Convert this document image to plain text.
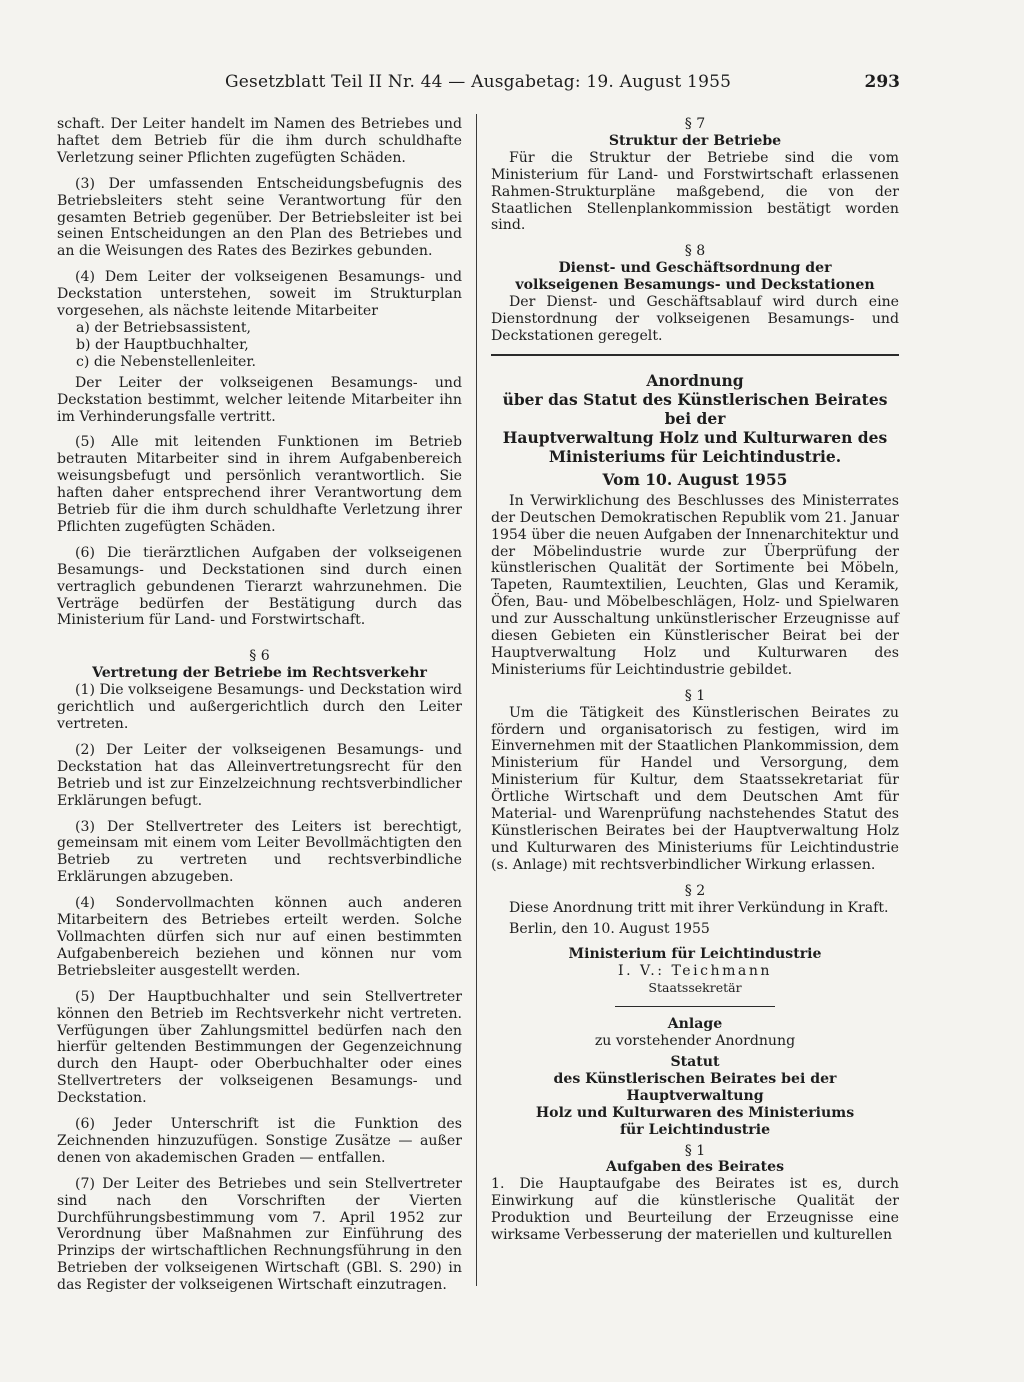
Gesetzblatt Teil II Nr. 44 — Ausgabetag: 19. August 1955	293

schaft. Der Leiter handelt im Namen des Betriebes und haftet dem Betrieb für die ihm durch schuldhafte Verletzung seiner Pflichten zugefügten Schäden.

(3) Der umfassenden Entscheidungsbefugnis des Betriebsleiters steht seine Verantwortung für den gesamten Betrieb gegenüber. Der Betriebsleiter ist bei seinen Entscheidungen an den Plan des Betriebes und an die Weisungen des Rates des Bezirkes gebunden.

(4) Dem Leiter der volkseigenen Besamungs- und Deckstation unterstehen, soweit im Strukturplan vorgesehen, als nächste leitende Mitarbeiter

a) der Betriebsassistent,

b) der Hauptbuchhalter,

c) die Nebenstellenleiter.

Der Leiter der volkseigenen Besamungs- und Deckstation bestimmt, welcher leitende Mitarbeiter ihn im Verhinderungsfalle vertritt.

(5) Alle mit leitenden Funktionen im Betrieb betrauten Mitarbeiter sind in ihrem Aufgabenbereich weisungsbefugt und persönlich verantwortlich. Sie haften daher entsprechend ihrer Verantwortung dem Betrieb für die ihm durch schuldhafte Verletzung ihrer Pflichten zugefügten Schäden.

(6) Die tierärztlichen Aufgaben der volkseigenen Besamungs- und Deckstationen sind durch einen vertraglich gebundenen Tierarzt wahrzunehmen. Die Verträge bedürfen der Bestätigung durch das Ministerium für Land- und Forstwirtschaft.

§ 6

Vertretung der Betriebe im Rechtsverkehr

(1) Die volkseigene Besamungs- und Deckstation wird gerichtlich und außergerichtlich durch den Leiter vertreten.

(2) Der Leiter der volkseigenen Besamungs- und Deckstation hat das Alleinvertretungsrecht für den Betrieb und ist zur Einzelzeichnung rechtsverbindlicher Erklärungen befugt.

(3) Der Stellvertreter des Leiters ist berechtigt, gemeinsam mit einem vom Leiter Bevollmächtigten den Betrieb zu vertreten und rechtsverbindliche Erklärungen abzugeben.

(4) Sondervollmachten können auch anderen Mitarbeitern des Betriebes erteilt werden. Solche Vollmachten dürfen sich nur auf einen bestimmten Aufgabenbereich beziehen und können nur vom Betriebsleiter ausgestellt werden.

(5) Der Hauptbuchhalter und sein Stellvertreter können den Betrieb im Rechtsverkehr nicht vertreten. Verfügungen über Zahlungsmittel bedürfen nach den hierfür geltenden Bestimmungen der Gegenzeichnung durch den Haupt- oder Oberbuchhalter oder eines Stellvertreters der volkseigenen Besamungs- und Deckstation.

(6) Jeder Unterschrift ist die Funktion des Zeichnenden hinzuzufügen. Sonstige Zusätze — außer denen von akademischen Graden — entfallen.

(7) Der Leiter des Betriebes und sein Stellvertreter sind nach den Vorschriften der Vierten Durchführungsbestimmung vom 7. April 1952 zur Verordnung über Maßnahmen zur Einführung des Prinzips der wirtschaftlichen Rechnungsführung in den Betrieben der volkseigenen Wirtschaft (GBl. S. 290) in das Register der volkseigenen Wirtschaft einzutragen.

§ 7

Struktur der Betriebe

Für die Struktur der Betriebe sind die vom Ministerium für Land- und Forstwirtschaft erlassenen Rahmen-Strukturpläne maßgebend, die von der Staatlichen Stellenplankommission bestätigt worden sind.

§ 8

Dienst- und Geschäftsordnung der

volkseigenen Besamungs- und Deckstationen

Der Dienst- und Geschäftsablauf wird durch eine Dienstordnung der volkseigenen Besamungs- und Deckstationen geregelt.

Anordnung

über das Statut des Künstlerischen Beirates bei der

Hauptverwaltung Holz und Kulturwaren des

Ministeriums für Leichtindustrie.

Vom 10. August 1955

In Verwirklichung des Beschlusses des Ministerrates der Deutschen Demokratischen Republik vom 21. Januar 1954 über die neuen Aufgaben der Innenarchitektur und der Möbelindustrie wurde zur Überprüfung der künstlerischen Qualität der Sortimente bei Möbeln, Tapeten, Raumtextilien, Leuchten, Glas und Keramik, Öfen, Bau- und Möbelbeschlägen, Holz- und Spielwaren und zur Ausschaltung unkünstlerischer Erzeugnisse auf diesen Gebieten ein Künstlerischer Beirat bei der Hauptverwaltung Holz und Kulturwaren des Ministeriums für Leichtindustrie gebildet.

§ 1

Um die Tätigkeit des Künstlerischen Beirates zu fördern und organisatorisch zu festigen, wird im Einvernehmen mit der Staatlichen Plankommission, dem Ministerium für Handel und Versorgung, dem Ministerium für Kultur, dem Staatssekretariat für Örtliche Wirtschaft und dem Deutschen Amt für Material- und Warenprüfung nachstehendes Statut des Künstlerischen Beirates bei der Hauptverwaltung Holz und Kulturwaren des Ministeriums für Leichtindustrie (s. Anlage) mit rechtsverbindlicher Wirkung erlassen.

§ 2

Diese Anordnung tritt mit ihrer Verkündung in Kraft.

Berlin, den 10. August 1955

Ministerium für Leichtindustrie

I. V.: Teichmann

Staatssekretär

Anlage

zu vorstehender Anordnung

Statut

des Künstlerischen Beirates bei der Hauptverwaltung

Holz und Kulturwaren des Ministeriums

für Leichtindustrie

§ 1

Aufgaben des Beirates

1. Die Hauptaufgabe des Beirates ist es, durch Einwirkung auf die künstlerische Qualität der Produktion und Beurteilung der Erzeugnisse eine wirksame Verbesserung der materiellen und kulturellen
